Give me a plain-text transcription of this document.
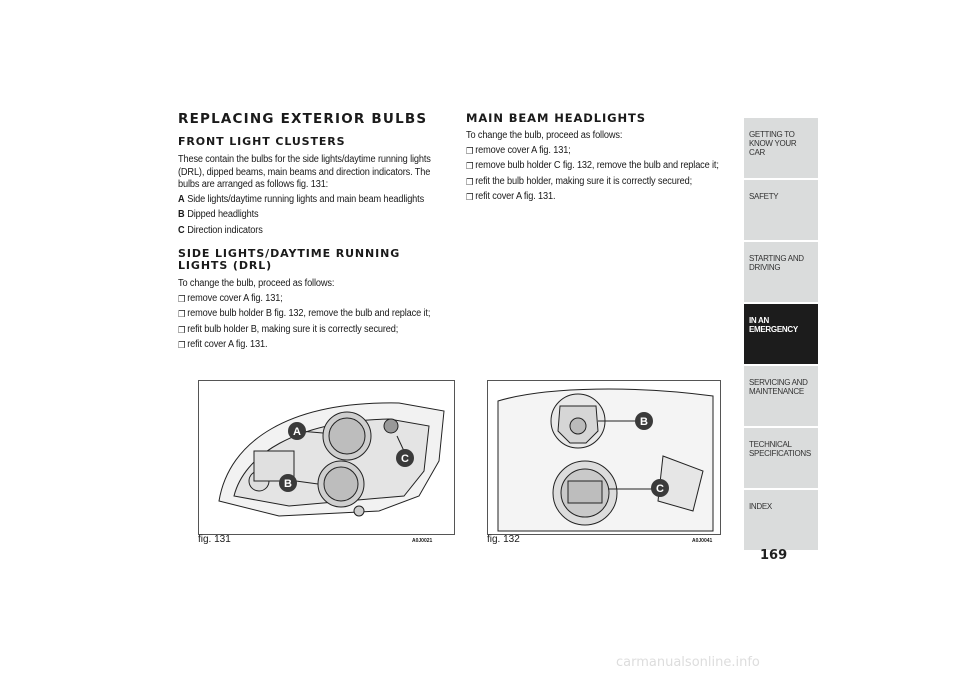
REPLACING EXTERIOR BULBS
FRONT LIGHT CLUSTERS
These contain the bulbs for the side lights/daytime running lights (DRL), dipped beams, main beams and direction indicators. The bulbs are arranged as follows fig. 131:
A Side lights/daytime running lights and main beam headlights
B Dipped headlights
C Direction indicators
SIDE LIGHTS/DAYTIME RUNNING LIGHTS (DRL)
To change the bulb, proceed as follows:
❒ remove cover A fig. 131;
❒ remove bulb holder B fig. 132, remove the bulb and replace it;
❒ refit bulb holder B, making sure it is correctly secured;
❒ refit cover A fig. 131.
MAIN BEAM HEADLIGHTS
To change the bulb, proceed as follows:
❒ remove cover A fig. 131;
❒ remove bulb holder C fig. 132, remove the bulb and replace it;
❒ refit the bulb holder, making sure it is correctly secured;
❒ refit cover A fig. 131.
A
B
C
fig. 131	A0J0021
B
C
fig. 132	A0J0041
GETTING TO KNOW YOUR CAR
SAFETY
STARTING AND DRIVING
IN AN EMERGENCY
SERVICING AND MAINTENANCE
TECHNICAL SPECIFICATIONS
INDEX
169
carmanualsonline.info
